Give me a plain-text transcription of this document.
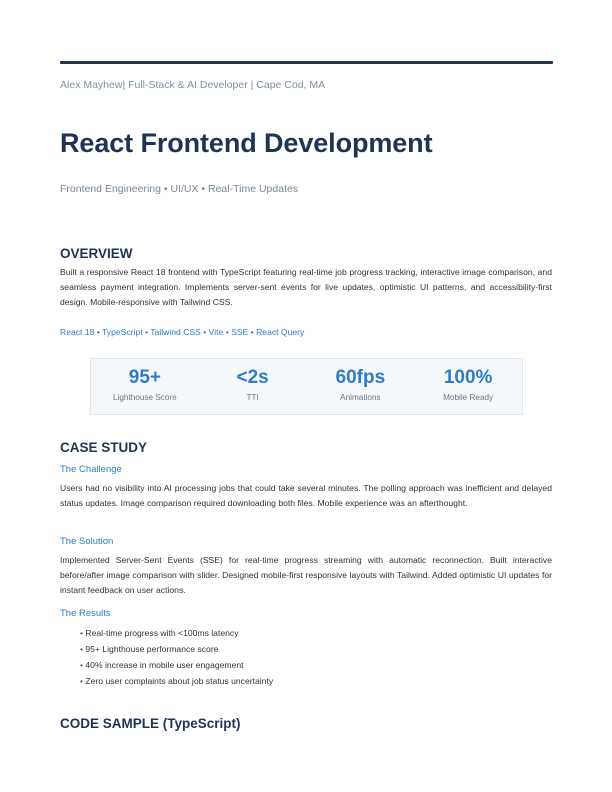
Alex Mayhew| Full-Stack & AI Developer | Cape Cod, MA
React Frontend Development
Frontend Engineering • UI/UX • Real-Time Updates
OVERVIEW

Built a responsive React 18 frontend with TypeScript featuring real-time job progress tracking, interactive image comparison, and seamless payment integration. Implements server-sent events for live updates, optimistic UI patterns, and accessibility-first design. Mobile-responsive with Tailwind CSS.

React 18 • TypeScript • Tailwind CSS • Vite • SSE • React Query
95+
Lighthouse Score
<2s
TTI
60fps
Animations
100%
Mobile Ready
CASE STUDY
The Challenge

Users had no visibility into AI processing jobs that could take several minutes. The polling approach was inefficient and delayed status updates. Image comparison required downloading both files. Mobile experience was an afterthought.

The Solution

Implemented Server-Sent Events (SSE) for real-time progress streaming with automatic reconnection. Built interactive before/after image comparison with slider. Designed mobile-first responsive layouts with Tailwind. Added optimistic UI updates for instant feedback on user actions.

The Results
• Real-time progress with <100ms latency
• 95+ Lighthouse performance score
• 40% increase in mobile user engagement
• Zero user complaints about job status uncertainty
CODE SAMPLE (TypeScript)
